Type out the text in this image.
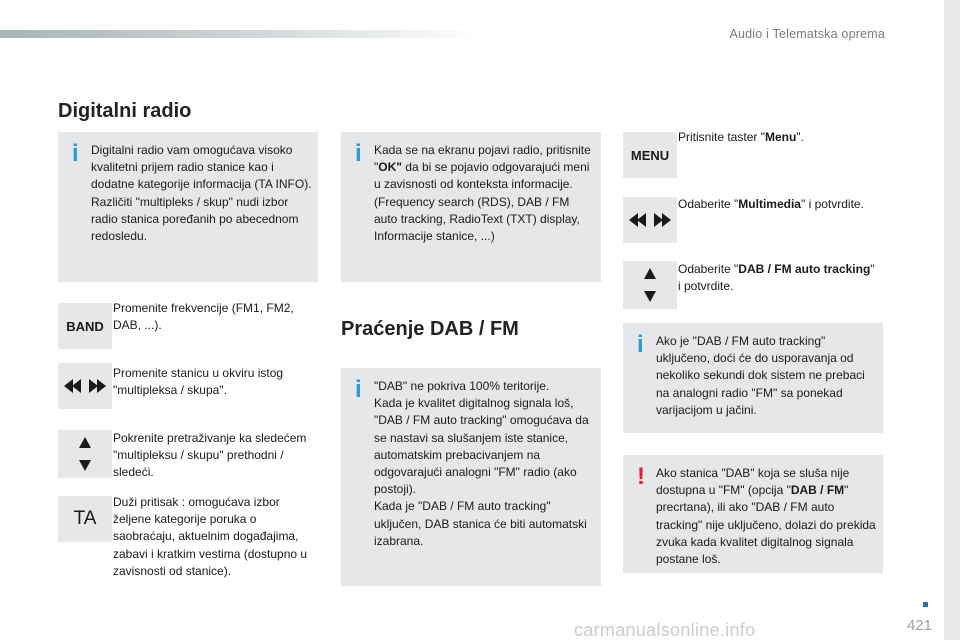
Audio i Telematska oprema
Digitalni radio
i Digitalni radio vam omogućava visoko kvalitetni prijem radio stanice kao i dodatne kategorije informacija (TA INFO).
Različiti "multipleks / skup" nudi izbor radio stanica poređanih po abecednom redosledu.
BAND
Promenite frekvencije (FM1, FM2, DAB, ...).
Promenite stanicu u okviru istog "multipleksa / skupa".
Pokrenite pretraživanje ka sledećem "multipleksu / skupu" prethodni / sledeći.
TA
Duži pritisak : omogućava izbor željene kategorije poruka o saobraćaju, aktuelnim događajima, zabavi i kratkim vestima (dostupno u zavisnosti od stanice).
i Kada se na ekranu pojavi radio, pritisnite "OK" da bi se pojavio odgovarajući meni u zavisnosti od konteksta informacije.
(Frequency search (RDS), DAB / FM auto tracking, RadioText (TXT) display, Informacije stanice, ...)
Praćenje DAB / FM
i "DAB" ne pokriva 100% teritorije.
Kada je kvalitet digitalnog signala loš, "DAB / FM auto tracking" omogućava da se nastavi sa slušanjem iste stanice, automatskim prebacivanjem na odgovarajući analogni "FM" radio (ako postoji).
Kada je "DAB / FM auto tracking" uključen, DAB stanica će biti automatski izabrana.
MENU
Pritisnite taster "Menu".
Odaberite "Multimedia" i potvrdite.
Odaberite "DAB / FM auto tracking"
i potvrdite.
i Ako je "DAB / FM auto tracking" uključeno, doći će do usporavanja od nekoliko sekundi dok sistem ne prebaci na analogni radio "FM" sa ponekad varijacijom u jačini.
! Ako stanica "DAB" koja se sluša nije dostupna u "FM" (opcija "DAB / FM" precrtana), ili ako "DAB / FM auto tracking" nije uključeno, dolazi do prekida zvuka kada kvalitet digitalnog signala postane loš.
421
carmanualsonline.info
